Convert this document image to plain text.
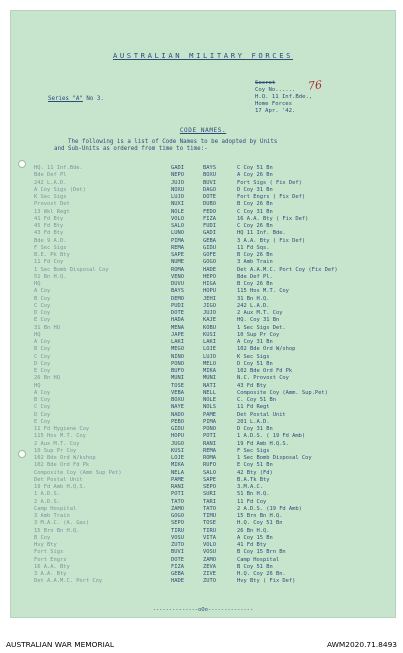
AUSTRALIAN MILITARY FORCES
Secret
Coy No......
H.Q. 11 Inf.Bde.,
Home Forces
17 Apr. '42.
76
Series "A" No 3.
CODE NAMES.
The following is a list of Code Names to be adopted by Units
and Sub-Units as ordered from time to time:-
HQ. 11 Inf.Bde.	GADI	BAYS	C Coy 51 Bn
Bde Def Pl	NEPO	BOXU	A Coy 26 Bn
242 L.A.D.	JUJO	BUVI	Fort Sigs ( Fix Def)
A Coy Sigs (Det)	NOXU	DAGO	D Coy 31 Bn
K Sec Sigs	LUJO	DOTE	Fort Engrs ( Fix Def)
Provost Det	NUXI	DUBO	B Coy 26 Bn
13 Wkl Regt	NOLE	FEDO	C Coy 31 Bn
41 Fd Bty	VOLO	FIZA	16 A.A. Bty ( Fix Def)
45 Fd Bty	SALO	FUDI	C Coy 26 Bn
43 Fd Bty	LUNO	GADI	HQ 11 Inf. Bde.
Bde 9 A.D.	PIMA	GEBA	3 A.A. Bty ( Fix Def)
F Sec Sigs	REMA	GIDU	11 Fd Sqs.
B.E. Pk Bty	SAPE	GOFE	B Coy 26 Bn
11 Fd Coy	NUME	GOGO	3 Amb Train
1 Sec Bomb Disposal Coy	ROMA	HADE	Det A.A.M.C. Port Coy (Fix Def)
51 Bn H.Q.	VENO	HEPO	Bde Def Pl.
HQ	DUVU	HIGA	B Coy 26 Bn
A Coy	BAYS	HOPU	115 Hos M.T. Coy
B Coy	DEMO	JEHI	31 Bn H.Q.
C Coy	PUDI	JIGO	242 L.A.D.
D Coy	DOTE	JUJO	2 Aux M.T. Coy
E Coy	HADA	KAJE	HQ. Coy 31 Bn
31 Bn HQ	MENA	KOBU	1 Sec Sigs Det.
HQ	JAPE	KUSI	10 Sup Pr Coy
A Coy	LAKI	LAKI	A Coy 31 Bn
B Coy	MEGO	LOJE	102 Bde Ord W/shop
C Coy	NINO	LUJO	K Sec Sigs
D Coy	PONO	MELO	D Coy 51 Bn
E Coy	BUFO	MIKA	102 Bde Ord Fd Pk
26 Bn HQ	MUNI	MUNI	N.C. Provost Coy
HQ	TOSE	NATI	43 Fd Bty
A Coy	VEBA	NELL	Composite Coy (Amm. Sup.Pet)
B Coy	BOXU	NOLE	C. Coy 51 Bn
C Coy	NAYE	NOLS	11 Fd Regt
D Coy	NADO	PAME	Det Postal Unit
E Coy	PEBO	PIMA	201 L.A.D.
11 Fd Hygiene Coy	GIDU	PONO	D Coy 31 Bn
115 Hos M.T. Coy	HOPU	POTI	1 A.D.S. ( 19 Fd Amb)
2 Aux M.T. Coy	JUGO	RANI	19 Fd Amb H.Q.S.
10 Sup Pr Coy	KUSI	REMA	F Sec Sigs
102 Bde Ord W/kshop	LOJE	ROMA	1 Sec Bomb Disposal Coy
102 Bde Ord Fd Pk	MIKA	RUFO	E Coy 51 Bn
Composite Coy (Amm Sup Pet)	NELA	SALO	42 Bty (Fd)
Det Postal Unit	PAME	SAPE	B.A.Tk Bty
19 Fd Amb H.Q.S.	RANI	SEPO	3.M.A.C.
1 A.D.S.	POTI	SURI	51 Bn H.Q.
2 A.D.S.	TATO	TARI	11 Fd Coy
Camp Hospital	ZAMO	TATO	2 A.D.S. (19 Fd Amb)
3 Amb Train	GOGO	TIMU	15 Brn Bn H.Q.
3 M.A.C. (A. Gas)	SEPO	TOSE	H.Q. Coy 51 Bn
15 Brn Bn H.Q.	TIRU	TIRU	26 Bn H.Q.
B Coy	VOSU	VITA	A Coy 15 Bn
Hvy Bty	ZUTO	VOLO	41 Fd Bty
Fort Sigs	BUVI	VOSU	B Coy 15 Brn Bn
Fort Engrs	DOTE	ZAMO	Camp Hospital
16 A.A. Bty	FIZA	ZEVA	B Coy 51 Bn
3 A.A. Bty	GEBA	ZIVE	H.Q. Coy 26 Bn.
Det A.A.M.C. Port Coy	HADE	ZUTO	Hvy Bty ( Fix Def)
--------------oOo--------------
AUSTRALIAN WAR MEMORIAL	AWM2020.71.8493
